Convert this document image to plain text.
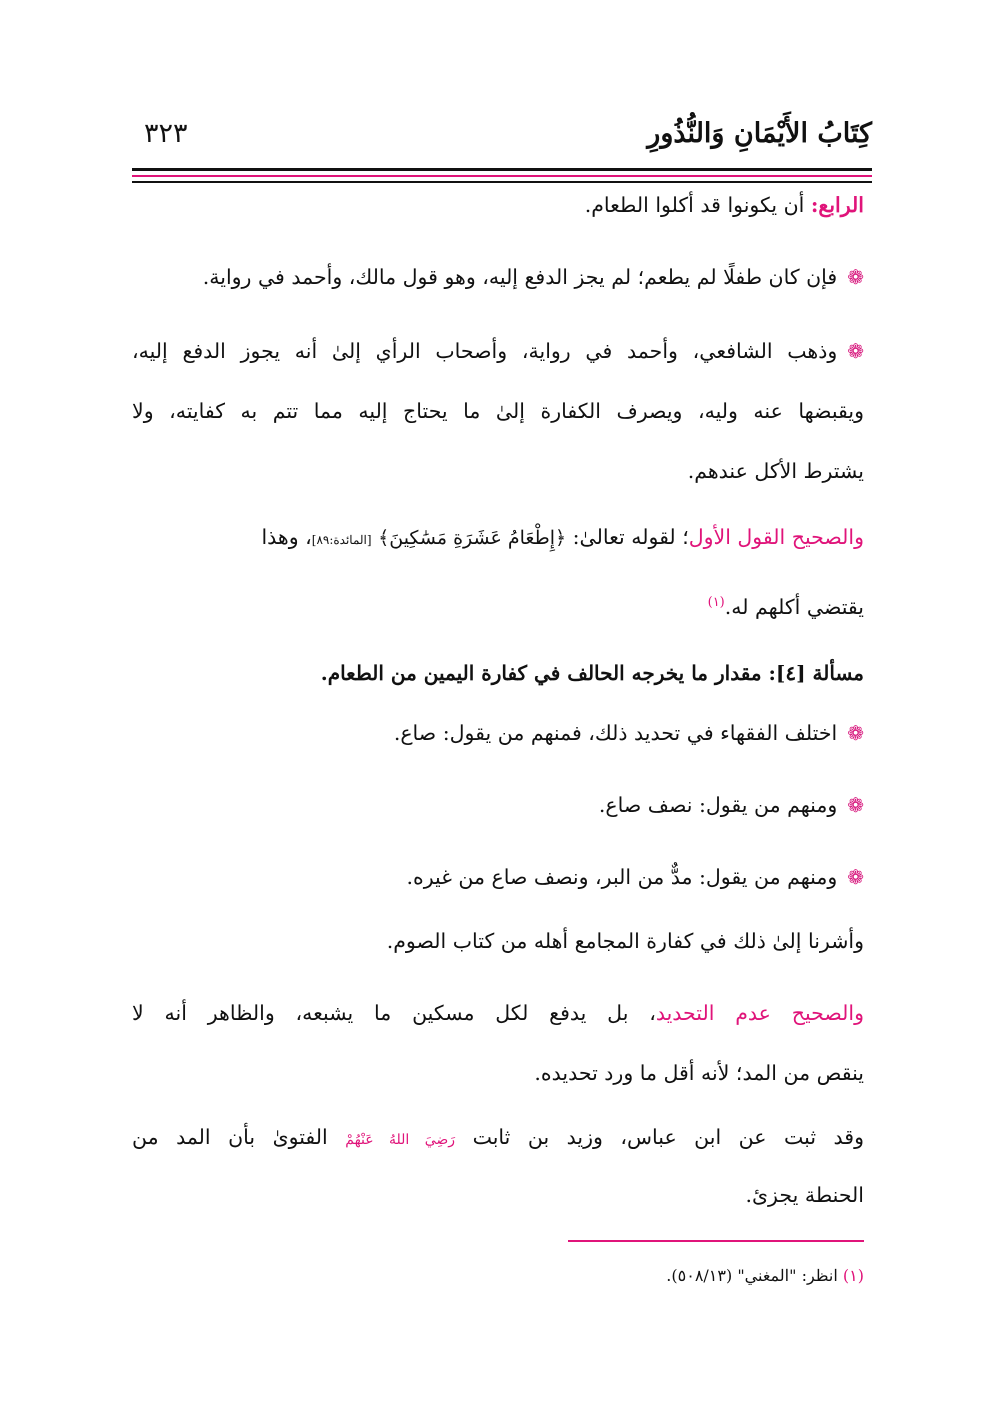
كِتَابُ الأَيْمَانِ وَالنُّذُورِ
٣٢٣
الرابع: أن يكونوا قد أكلوا الطعام.
❁فإن كان طفلًا لم يطعم؛ لم يجز الدفع إليه، وهو قول مالك، وأحمد في رواية.
❁وذهب الشافعي، وأحمد في رواية، وأصحاب الرأي إلىٰ أنه يجوز الدفع إليه،
ويقبضها عنه وليه، ويصرف الكفارة إلىٰ ما يحتاج إليه مما تتم به كفايته، ولا
يشترط الأكل عندهم.
والصحيح القول الأول؛ لقوله تعالىٰ: ﴿إِطْعَامُ عَشَرَةِ مَسَٰكِينَ﴾ [المائدة:٨٩]، وهذا
يقتضي أكلهم له.$^{(١)}$
مسألة [٤]: مقدار ما يخرجه الحالف في كفارة اليمين من الطعام.
❁اختلف الفقهاء في تحديد ذلك، فمنهم من يقول: صاع.
❁ومنهم من يقول: نصف صاع.
❁ومنهم من يقول: مدٌّ من البر، ونصف صاع من غيره.
وأشرنا إلىٰ ذلك في كفارة المجامع أهله من كتاب الصوم.
والصحيح عدم التحديد، بل يدفع لكل مسكين ما يشبعه، والظاهر أنه لا
ينقص من المد؛ لأنه أقل ما ورد تحديده.
وقد ثبت عن ابن عباس، وزيد بن ثابت رَضِيَ اللهُ عَنْهُمْ الفتوىٰ بأن المد من
الحنطة يجزئ.
(١) انظر: "المغني" (٥٠٨/١٣).
